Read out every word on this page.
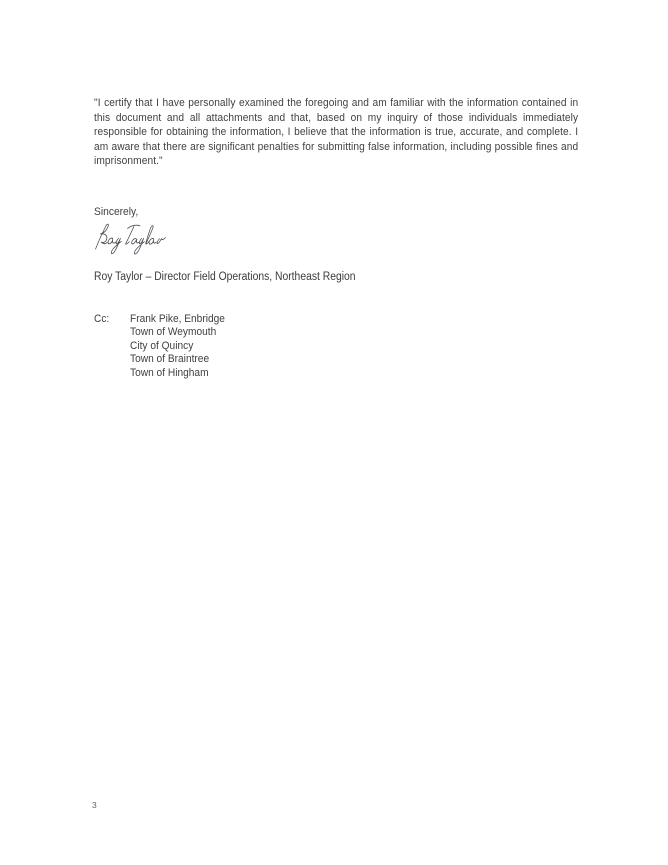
"I certify that I have personally examined the foregoing and am familiar with the information contained in this document and all attachments and that, based on my inquiry of those individuals immediately responsible for obtaining the information, I believe that the information is true, accurate, and complete. I am aware that there are significant penalties for submitting false information, including possible fines and imprisonment."

Sincerely,
Roy Taylor – Director Field Operations, Northeast Region
Cc:	Frank Pike, Enbridge
Town of Weymouth
City of Quincy
Town of Braintree
Town of Hingham
3
